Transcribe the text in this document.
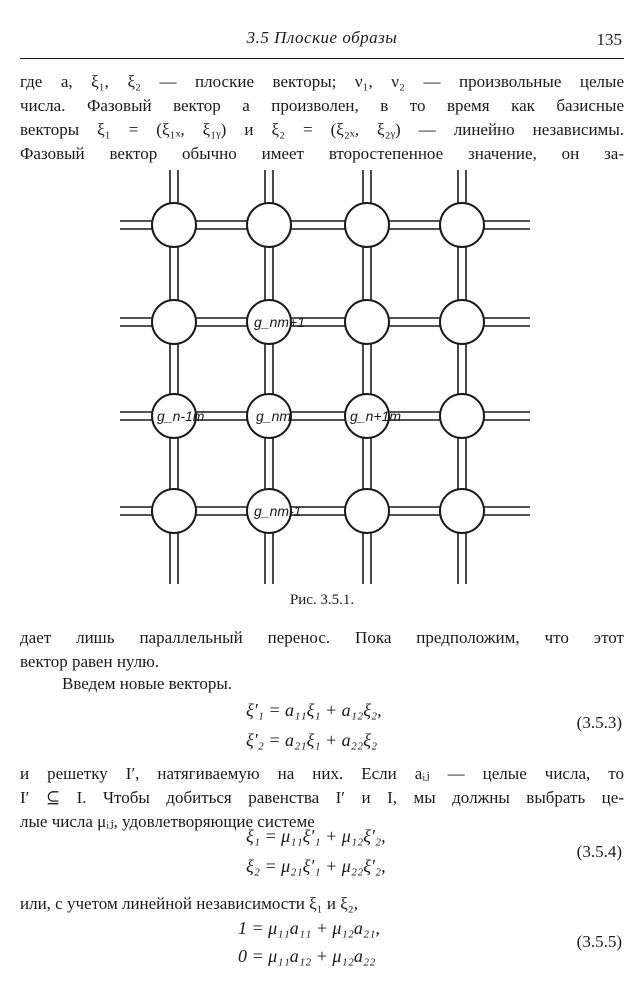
3.5 Плоские образы	135
где a, ξ₁, ξ₂ — плоские векторы; ν₁, ν₂ — произвольные целые
числа. Фазовый вектор a произволен, в то время как базисные
векторы ξ₁ = (ξ₁ₓ, ξ₁ᵧ) и ξ₂ = (ξ₂ₓ, ξ₂ᵧ) — линейно независимы.
Фазовый вектор обычно имеет второстепенное значение, он за-
g_nm+1
g_n-1m	g_nm	g_n+1m
g_nm-1
Рис. 3.5.1.
дает лишь параллельный перенос. Пока предположим, что этот
вектор равен нулю.
Введем новые векторы.
ξ′₁ = a₁₁ξ₁ + a₁₂ξ₂,
ξ′₂ = a₂₁ξ₁ + a₂₂ξ₂
(3.5.3)
и решетку I′, натягиваемую на них. Если aᵢⱼ — целые числа, то
I′ ⊆ I. Чтобы добиться равенства I′ и I, мы должны выбрать це-
лые числа μᵢⱼ, удовлетворяющие системе
ξ₁ = μ₁₁ξ′₁ + μ₁₂ξ′₂,
ξ₂ = μ₂₁ξ′₁ + μ₂₂ξ′₂,
(3.5.4)
или, с учетом линейной независимости ξ₁ и ξ₂,
1 = μ₁₁a₁₁ + μ₁₂a₂₁,
0 = μ₁₁a₁₂ + μ₁₂a₂₂
(3.5.5)
